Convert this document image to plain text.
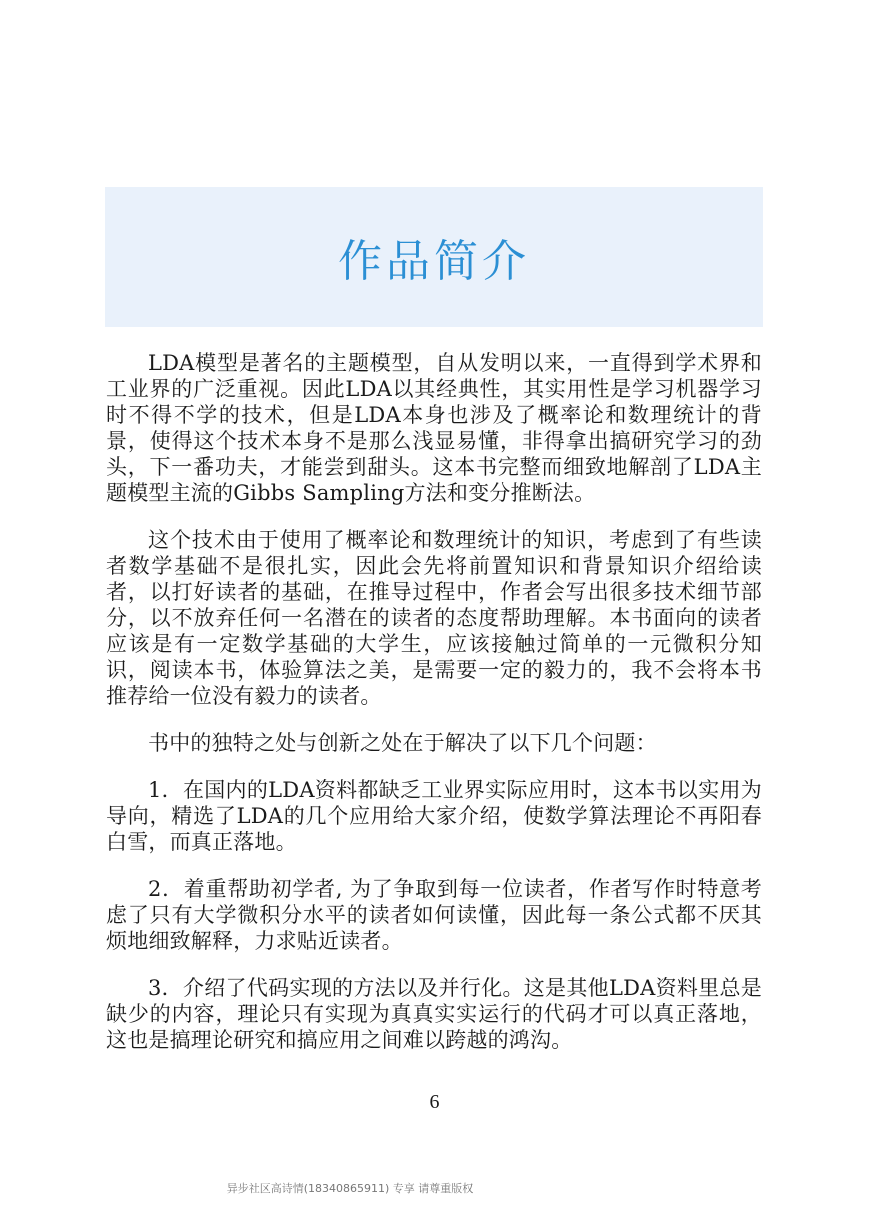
作品简介

LDA模型是著名的主题模型，自从发明以来，一直得到学术界和工业界的广泛重视。因此LDA以其经典性，其实用性是学习机器学习时不得不学的技术，但是LDA本身也涉及了概率论和数理统计的背景，使得这个技术本身不是那么浅显易懂，非得拿出搞研究学习的劲头，下一番功夫，才能尝到甜头。这本书完整而细致地解剖了LDA主题模型主流的Gibbs Sampling方法和变分推断法。

这个技术由于使用了概率论和数理统计的知识，考虑到了有些读者数学基础不是很扎实，因此会先将前置知识和背景知识介绍给读者，以打好读者的基础，在推导过程中，作者会写出很多技术细节部分，以不放弃任何一名潜在的读者的态度帮助理解。本书面向的读者应该是有一定数学基础的大学生，应该接触过简单的一元微积分知识，阅读本书，体验算法之美，是需要一定的毅力的，我不会将本书推荐给一位没有毅力的读者。

书中的独特之处与创新之处在于解决了以下几个问题：

1．在国内的LDA资料都缺乏工业界实际应用时，这本书以实用为导向，精选了LDA的几个应用给大家介绍，使数学算法理论不再阳春白雪，而真正落地。

2．着重帮助初学者, 为了争取到每一位读者，作者写作时特意考虑了只有大学微积分水平的读者如何读懂，因此每一条公式都不厌其烦地细致解释，力求贴近读者。

3．介绍了代码实现的方法以及并行化。这是其他LDA资料里总是缺少的内容，理论只有实现为真真实实运行的代码才可以真正落地，这也是搞理论研究和搞应用之间难以跨越的鸿沟。

6
异步社区高诗情(18340865911) 专享 请尊重版权
